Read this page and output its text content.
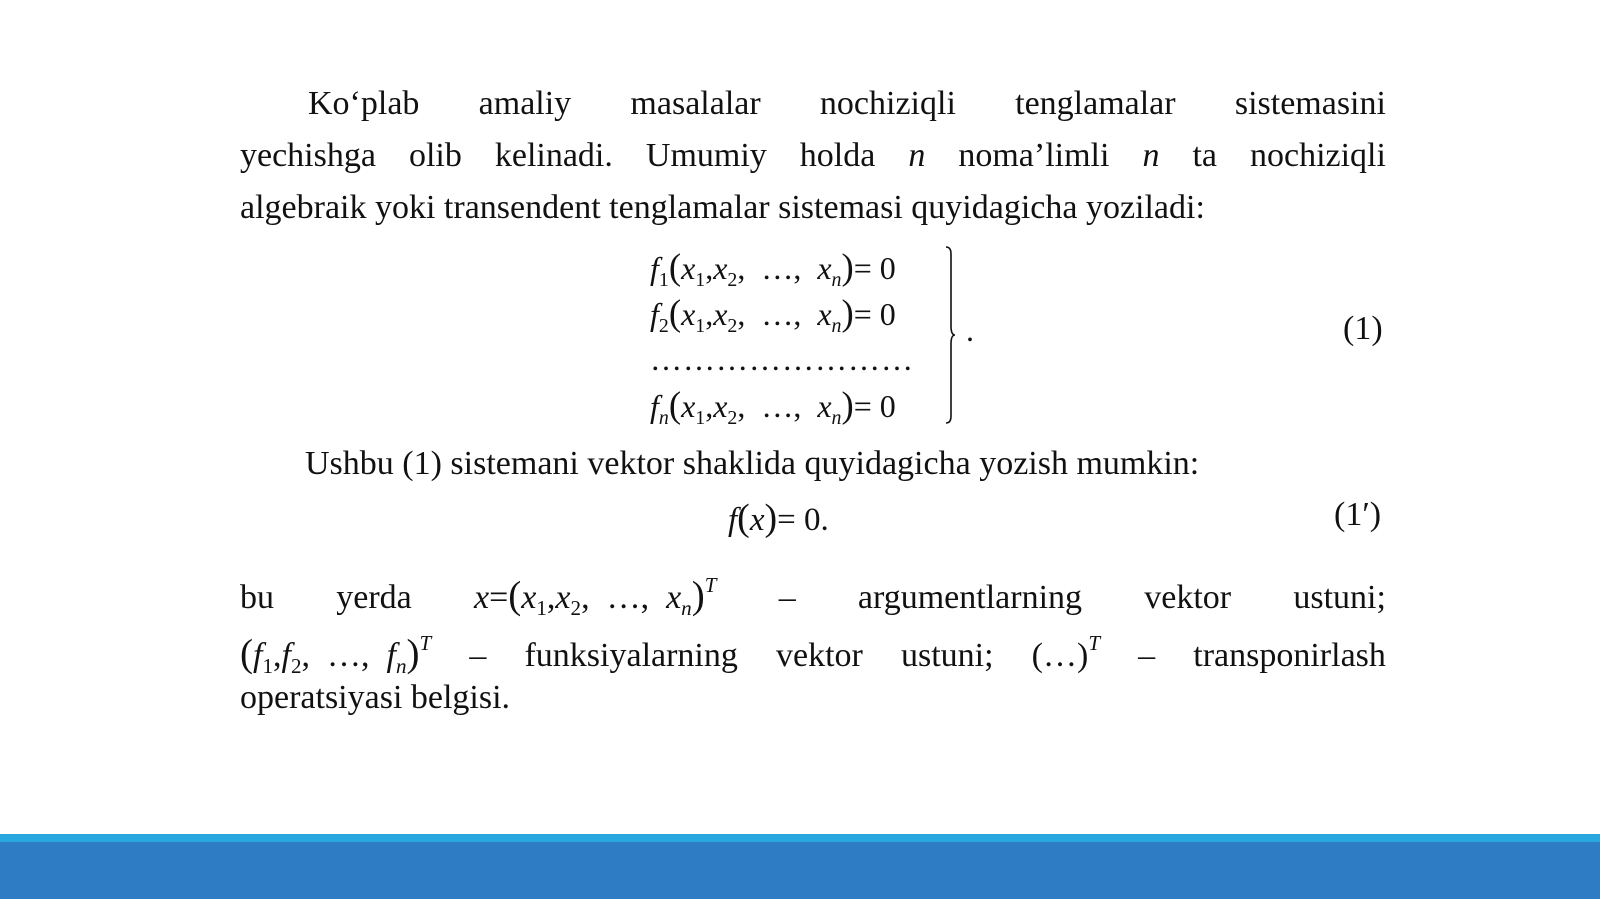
Ko‘plab amaliy masalalar nochiziqli tenglamalar sistemasini
yechishga olib kelinadi. Umumiy holda n noma’limli n ta nochiziqli
algebraik yoki transendent tenglamalar sistemasi quyidagicha yoziladi:
$f_1(x_1,x_2$,  …, $x_n)= 0$
$f_2(x_1,x_2$,  …, $x_n)= 0$
……………………
$f_n(x_1,x_2$,  …, $x_n)= 0$
.	(1)
Ushbu (1) sistemani vektor shaklida quyidagicha yozish mumkin:
f(x)= 0.	(1′)
bu yerda $x=(x_1,x_2$,  …, $x_n)^T$ – argumentlarning vektor ustuni;
($f_1,f_2$,  …, $f_n)^T$ – funksiyalarning vektor ustuni; (…)$^T$ – transponirlash
operatsiyasi belgisi.
